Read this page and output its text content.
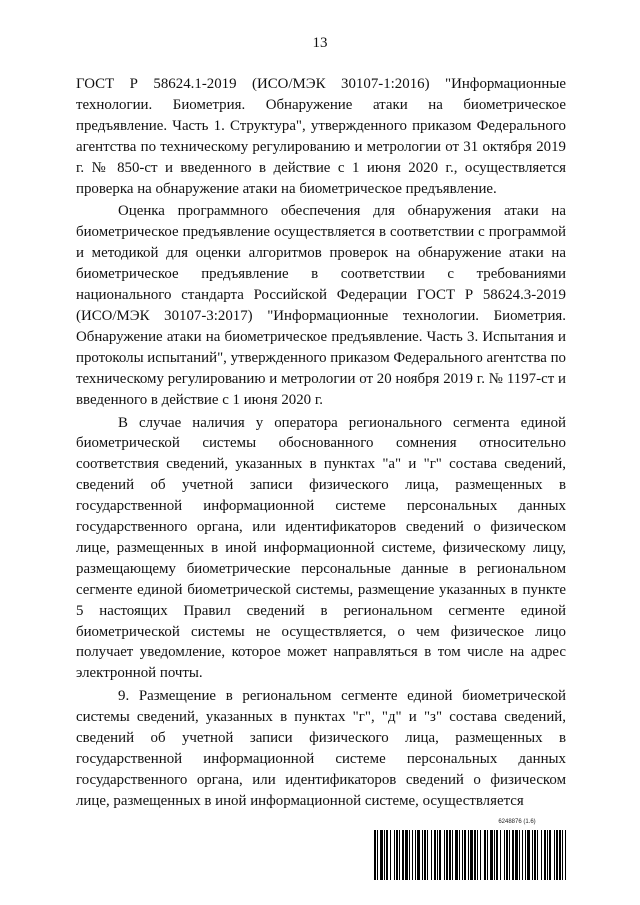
13

ГОСТ Р 58624.1-2019 (ИСО/МЭК 30107-1:2016) "Информационные технологии. Биометрия. Обнаружение атаки на биометрическое предъявление. Часть 1. Структура", утвержденного приказом Федерального агентства по техническому регулированию и метрологии от 31 октября 2019 г. № 850-ст и введенного в действие с 1 июня 2020 г., осуществляется проверка на обнаружение атаки на биометрическое предъявление.

Оценка программного обеспечения для обнаружения атаки на биометрическое предъявление осуществляется в соответствии с программой и методикой для оценки алгоритмов проверок на обнаружение атаки на биометрическое предъявление в соответствии с требованиями национального стандарта Российской Федерации ГОСТ Р 58624.3-2019 (ИСО/МЭК 30107-3:2017) "Информационные технологии. Биометрия. Обнаружение атаки на биометрическое предъявление. Часть 3. Испытания и протоколы испытаний", утвержденного приказом Федерального агентства по техническому регулированию и метрологии от 20 ноября 2019 г. № 1197-ст и введенного в действие с 1 июня 2020 г.

В случае наличия у оператора регионального сегмента единой биометрической системы обоснованного сомнения относительно соответствия сведений, указанных в пунктах "а" и "г" состава сведений, сведений об учетной записи физического лица, размещенных в государственной информационной системе персональных данных государственного органа, или идентификаторов сведений о физическом лице, размещенных в иной информационной системе, физическому лицу, размещающему биометрические персональные данные в региональном сегменте единой биометрической системы, размещение указанных в пункте 5 настоящих Правил сведений в региональном сегменте единой биометрической системы не осуществляется, о чем физическое лицо получает уведомление, которое может направляться в том числе на адрес электронной почты.

9. Размещение в региональном сегменте единой биометрической системы сведений, указанных в пунктах "г", "д" и "з" состава сведений, сведений об учетной записи физического лица, размещенных в государственной информационной системе персональных данных государственного органа, или идентификаторов сведений о физическом лице, размещенных в иной информационной системе, осуществляется

6248876 (1.6)
